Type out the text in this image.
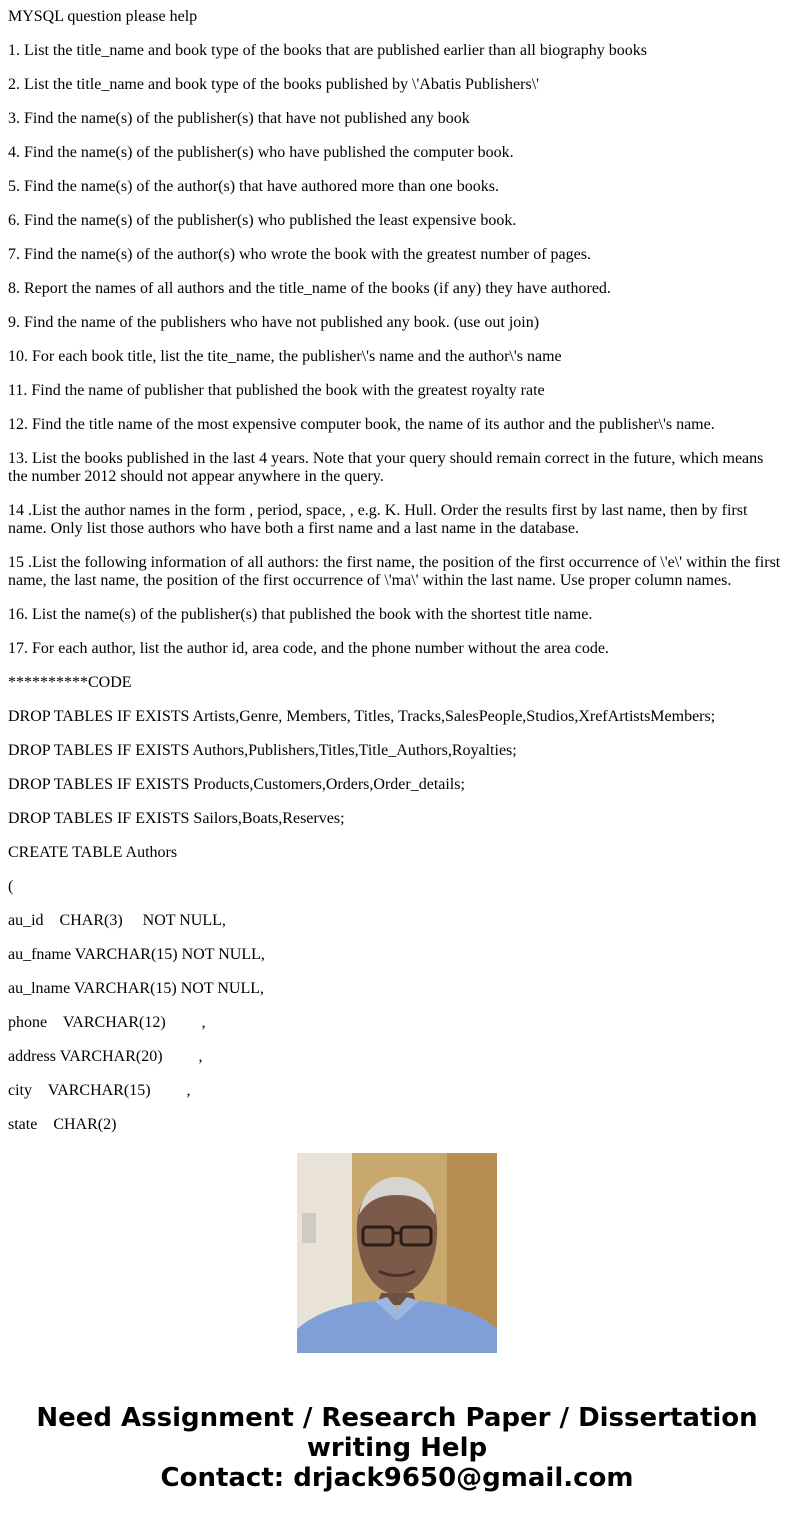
MYSQL question please help

1. List the title_name and book type of the books that are published earlier than all biography books

2. List the title_name and book type of the books published by \'Abatis Publishers\'

3. Find the name(s) of the publisher(s) that have not published any book

4. Find the name(s) of the publisher(s) who have published the computer book.

5. Find the name(s) of the author(s) that have authored more than one books.

6. Find the name(s) of the publisher(s) who published the least expensive book.

7. Find the name(s) of the author(s) who wrote the book with the greatest number of pages.

8. Report the names of all authors and the title_name of the books (if any) they have authored.

9. Find the name of the publishers who have not published any book. (use out join)

10. For each book title, list the tite_name, the publisher\'s name and the author\'s name

11. Find the name of publisher that published the book with the greatest royalty rate

12. Find the title name of the most expensive computer book, the name of its author and the publisher\'s name.

13. List the books published in the last 4 years. Note that your query should remain correct in the future, which means the number 2012 should not appear anywhere in the query.

14 .List the author names in the form , period, space, , e.g. K. Hull. Order the results first by last name, then by first name. Only list those authors who have both a first name and a last name in the database.

15 .List the following information of all authors: the first name, the position of the first occurrence of \'e\' within the first name, the last name, the position of the first occurrence of \'ma\' within the last name. Use proper column names.

16. List the name(s) of the publisher(s) that published the book with the shortest title name.

17. For each author, list the author id, area code, and the phone number without the area code.

**********CODE

DROP TABLES IF EXISTS Artists,Genre, Members, Titles, Tracks,SalesPeople,Studios,XrefArtistsMembers;

DROP TABLES IF EXISTS Authors,Publishers,Titles,Title_Authors,Royalties;

DROP TABLES IF EXISTS Products,Customers,Orders,Order_details;

DROP TABLES IF EXISTS Sailors,Boats,Reserves;

CREATE TABLE Authors

(

au_id    CHAR(3)     NOT NULL,

au_fname VARCHAR(15) NOT NULL,

au_lname VARCHAR(15) NOT NULL,

phone    VARCHAR(12)         ,

address VARCHAR(20)         ,

city    VARCHAR(15)         ,

state    CHAR(2)

Need Assignment / Research Paper / Dissertation
writing Help
Contact: drjack9650@gmail.com
